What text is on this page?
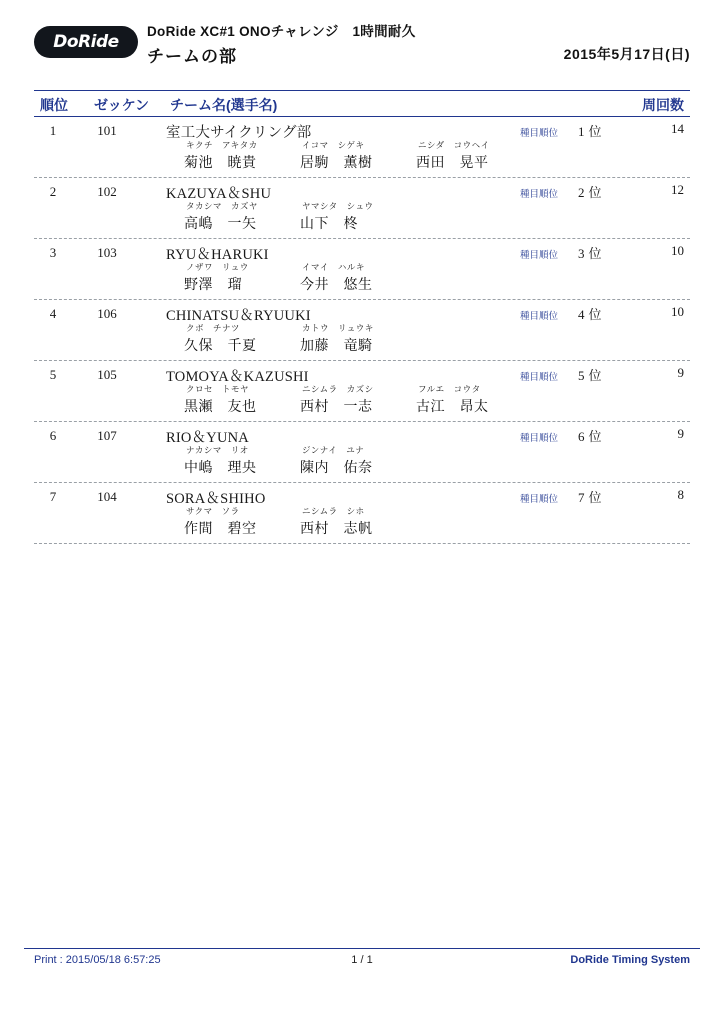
DoRide
DoRide XC#1 ONOチャレンジ　1時間耐久
チームの部	2015年5月17日(日)
順位 ゼッケン チーム名(選手名)	周回数
1	101	室工大サイクリング部	種目順位 1 位	14
キクチ　アキタカ
菊池　暁貴
イコマ　シゲキ
居駒　薫樹
ニシダ　コウヘイ
西田　晃平
2	102	KAZUYA＆SHU	種目順位 2 位	12
タカシマ　カズヤ
高嶋　一矢
ヤマシタ　シュウ
山下　柊
3	103	RYU＆HARUKI	種目順位 3 位	10
ノザワ　リュウ
野澤　瑠
イマイ　ハルキ
今井　悠生
4	106	CHINATSU＆RYUUKI	種目順位 4 位	10
クボ　チナツ
久保　千夏
カトウ　リュウキ
加藤　竜騎
5	105	TOMOYA＆KAZUSHI	種目順位 5 位	9
クロセ　トモヤ
黒瀬　友也
ニシムラ　カズシ
西村　一志
フルエ　コウタ
古江　昂太
6	107	RIO＆YUNA	種目順位 6 位	9
ナカシマ　リオ
中嶋　理央
ジンナイ　ユナ
陳内　佑奈
7	104	SORA＆SHIHO	種目順位 7 位	8
サクマ　ソラ
作間　碧空
ニシムラ　シホ
西村　志帆
Print : 2015/05/18 6:57:25	1 / 1	DoRide Timing System
